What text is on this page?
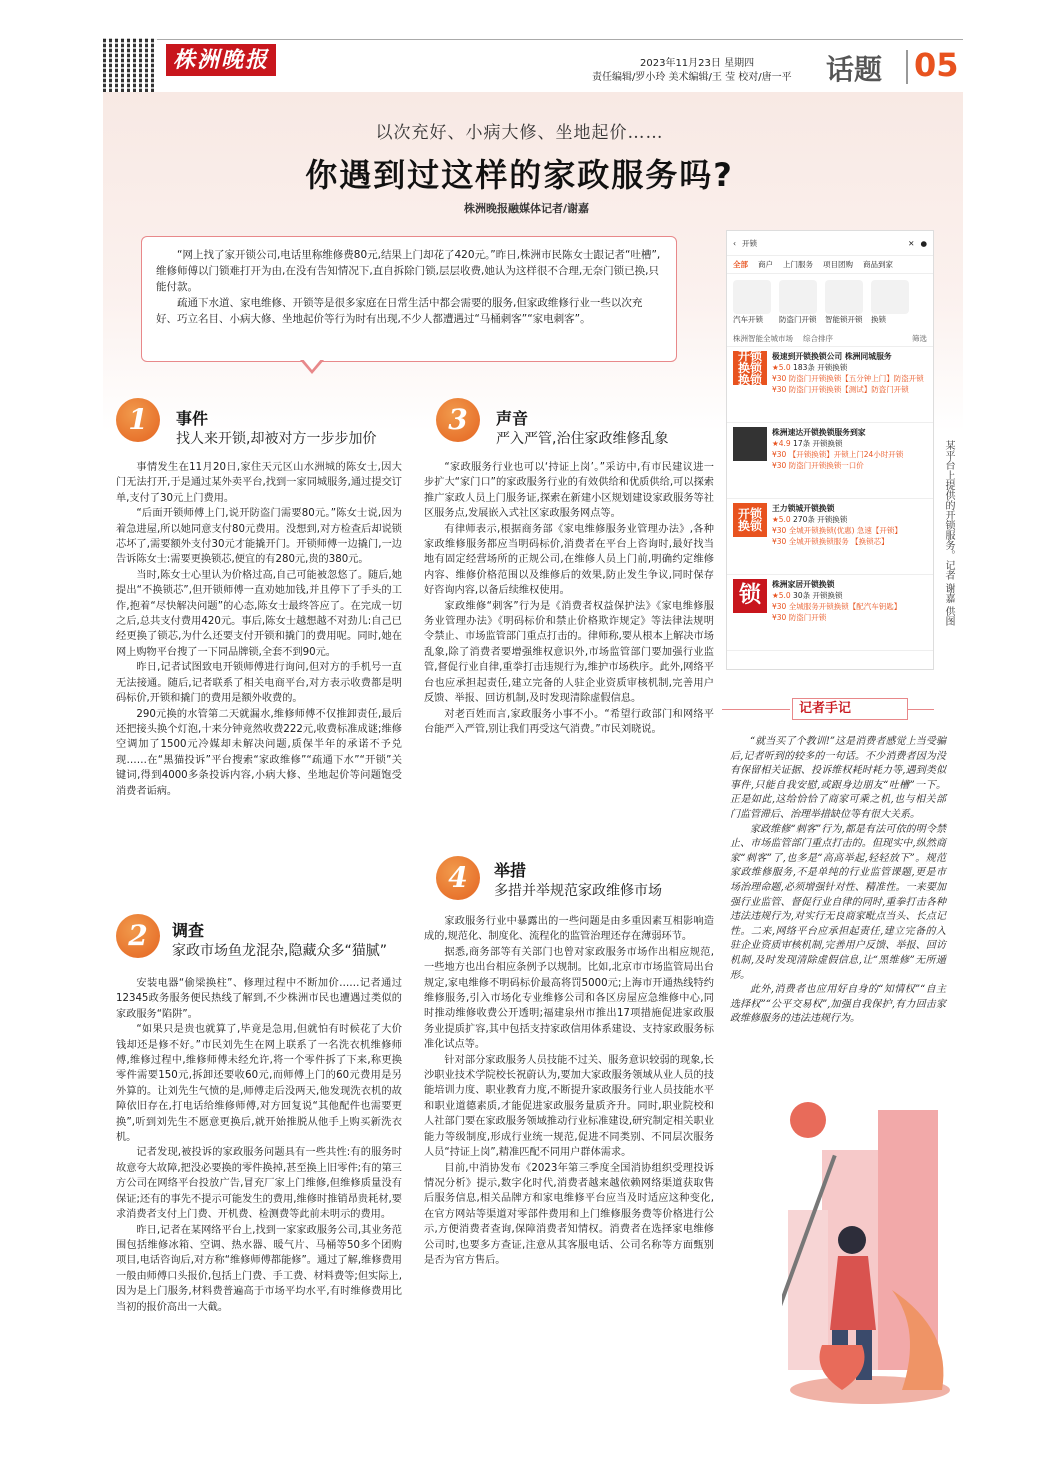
株洲晚报	2023年11月23日 星期四
责任编辑/罗小玲 美术编辑/王 莹 校对/唐一平 话题 05
以次充好、小病大修、坐地起价……
你遇到过这样的家政服务吗?
株洲晚报融媒体记者/谢嘉

“网上找了家开锁公司,电话里称维修费80元,结果上门却花了420元。”昨日,株洲市民陈女士跟记者“吐槽”,维修师傅以门锁难打开为由,在没有告知情况下,直自拆除门锁,层层收费,她认为这样很不合理,无奈门锁已换,只能付款。

疏通下水道、家电维修、开锁等是很多家庭在日常生活中都会需要的服务,但家政维修行业一些以次充好、巧立名目、小病大修、坐地起价等行为时有出现,不少人都遭遇过“马桶刺客”“家电刺客”。

1	事件
找人来开锁,却被对方一步步加价

事情发生在11月20日,家住天元区山水洲城的陈女士,因大门无法打开,于是通过某外卖平台,找到一家同城服务,通过提交订单,支付了30元上门费用。

“后面开锁师傅上门,说开防盗门需要80元。”陈女士说,因为着急进屋,所以她同意支付80元费用。没想到,对方检查后却说锁芯坏了,需要额外支付30元才能撬开门。开锁师傅一边撬门,一边告诉陈女士:需要更换锁芯,便宜的有280元,贵的380元。

当时,陈女士心里认为价格过高,自己可能被忽悠了。随后,她提出“不换锁芯”,但开锁师傅一直劝她加钱,并且停下了手头的工作,抱着“尽快解决问题”的心态,陈女士最终答应了。在完成一切之后,总共支付费用420元。事后,陈女士越想越不对劲儿:自己已经更换了锁芯,为什么还要支付开锁和撬门的费用呢。同时,她在网上购物平台搜了一下同品牌锁,全套不到90元。

昨日,记者试图致电开锁师傅进行询问,但对方的手机号一直无法接通。随后,记者联系了相关电商平台,对方表示收费都是明码标价,开锁和撬门的费用是额外收费的。

290元换的水管第二天就漏水,维修师傅不仅推卸责任,最后还把接头换个灯泡,十来分钟竟然收费222元,收费标准成谜;维修空调加了1500元冷媒却未解决问题,质保半年的承诺不予兑现……在“黑猫投诉”平台搜索“家政维修”“疏通下水”“开锁”关键词,得到4000多条投诉内容,小病大修、坐地起价等问题饱受消费者诟病。

2	调查
家政市场鱼龙混杂,隐藏众多“猫腻”

安装电器“偷梁换柱”、修理过程中不断加价……记者通过12345政务服务便民热线了解到,不少株洲市民也遭遇过类似的家政服务“陷阱”。

“如果只是贵也就算了,毕竟是急用,但就怕有时候花了大价钱却还是修不好。”市民刘先生在网上联系了一名洗衣机维修师傅,维修过程中,维修师傅未经允许,将一个零件拆了下来,称更换零件需要150元,拆卸还要收60元,而师傅上门的60元费用是另外算的。让刘先生气愤的是,师傅走后没两天,他发现洗衣机的故障依旧存在,打电话给维修师傅,对方回复说“其他配件也需要更换”,听到刘先生不愿意更换后,就开始推脱从他手上购买新洗衣机。

记者发现,被投诉的家政服务问题具有一些共性:有的服务时故意夸大故障,把没必要换的零件换掉,甚至换上旧零件;有的第三方公司在网络平台投放广告,冒充厂家上门维修,但维修质量没有保证;还有的事先不提示可能发生的费用,维修时推销昂贵耗材,要求消费者支付上门费、开机费、检测费等此前未明示的费用。

昨日,记者在某网络平台上,找到一家家政服务公司,其业务范围包括维修冰箱、空调、热水器、暖气片、马桶等50多个团购项目,电话咨询后,对方称“维修师傅都能修”。通过了解,维修费用一般由师傅口头报价,包括上门费、手工费、材料费等;但实际上,因为是上门服务,材料费普遍高于市场平均水平,有时维修费用比当初的报价高出一大截。

3	声音
严入严管,治住家政维修乱象

“家政服务行业也可以‘持证上岗’。”采访中,有市民建议进一步扩大“家门口”的家政服务行业的有效供给和优质供给,可以探索推广家政人员上门服务证,探索在新建小区规划建设家政服务等社区服务点,发展嵌入式社区家政服务网点等。

有律师表示,根据商务部《家电维修服务业管理办法》,各种家政维修服务都应当明码标价,消费者在平台上咨询时,最好找当地有固定经营场所的正规公司,在维修人员上门前,明确约定维修内容、维修价格范围以及维修后的效果,防止发生争议,同时保存好咨询内容,以备后续维权使用。

家政维修“刺客”行为是《消费者权益保护法》《家电维修服务业管理办法》《明码标价和禁止价格欺诈规定》等法律法规明令禁止、市场监管部门重点打击的。律师称,要从根本上解决市场乱象,除了消费者要增强维权意识外,市场监管部门要加强行业监管,督促行业自律,重拳打击违规行为,维护市场秩序。此外,网络平台也应承担起责任,建立完备的人驻企业资质审核机制,完善用户反馈、举报、回访机制,及时发现清除虚假信息。

对老百姓而言,家政服务小事不小。“希望行政部门和网络平台能严入严管,别让我们再受这气消费。”市民刘晓说。

4	举措
多措并举规范家政维修市场

家政服务行业中暴露出的一些问题是由多重因素互相影响造成的,规范化、制度化、流程化的监管治理还存在薄弱环节。

据悉,商务部等有关部门也曾对家政服务市场作出相应规范,一些地方也出台相应条例予以规制。比如,北京市市场监管局出台规定,家电维修不明码标价最高将罚5000元;上海市开通热线特约维修服务,引入市场化专业维修公司和各区房屋应急维修中心,同时推动维修收费公开透明;福建泉州市推出17项措施促进家政服务业提质扩容,其中包括支持家政信用体系建设、支持家政服务标准化试点等。

针对部分家政服务人员技能不过关、服务意识较弱的现象,长沙职业技术学院校长祝蔚认为,要加大家政服务领域从业人员的技能培训力度、职业教育力度,不断提升家政服务行业人员技能水平和职业道德素质,才能促进家政服务量质齐升。同时,职业院校和人社部门要在家政服务领域推动行业标准建设,研究制定相关职业能力等级制度,形成行业统一规范,促进不同类别、不同层次服务人员“持证上岗”,精准匹配不同用户群体需求。

目前,中消协发布《2023年第三季度全国消协组织受理投诉情况分析》提示,数字化时代,消费者越来越依赖网络渠道获取售后服务信息,相关品牌方和家电维修平台应当及时适应这种变化,在官方网站等渠道对零部件费用和上门维修服务费等价格进行公示,方便消费者查询,保障消费者知情权。消费者在选择家电维修公司时,也要多方查证,注意从其客服电话、公司名称等方面甄别是否为官方售后。

‹ 开锁	✕ ●
全部 商户 上门服务 项目团购 商品到家
汽车开锁	防盗门开锁 智能锁开锁 换锁
株洲智能全城市场 综合排序	筛选
开锁 换锁换锁
极速到开锁换锁公司 株洲同城服务
★5.0 183条 开锁换锁
¥30 防盗门开锁换锁【五分钟上门】防盗开锁
¥30 防盗门开锁换锁【测试】防盗门开锁
株洲速达开锁换锁服务到家
★4.9 17条 开锁换锁
¥30 【开锁换锁】开锁上门24小时开锁
¥30 防盗门开锁换锁一口价
开锁 换锁
王力锁城开锁换锁
★5.0 270条 开锁换锁
¥30 全城开锁换锁(优惠) 急速【开锁】
¥30 全城开锁换锁服务 【换锁芯】
锁	株洲家居开锁换锁
★5.0 30条 开锁换锁
¥30 全城服务开锁换锁【配汽车钥匙】
¥30 防盗门开锁	某平台上提供的开锁服务。记者 谢嘉 供图
记者手记

“就当买了个教训!”这是消费者感觉上当受骗后,记者听到的较多的一句话。不少消费者因为没有保留相关证据、投诉维权耗时耗力等,遇到类似事件,只能自我安慰,或跟身边朋友“吐槽”一下。正是如此,这给恰恰了商家可乘之机,也与相关部门监管滞后、治理举措缺位等有很大关系。

家政维修“刺客”行为,都是有法可依的明令禁止、市场监管部门重点打击的。但现实中,纵然商家“刺客”了,也多是“高高举起,轻轻放下”。规范家政维修服务,不是单纯的行业监管课题,更是市场治理命题,必须增强针对性、精准性。一来要加强行业监管、督促行业自律的同时,重拳打击各种违法违规行为,对实行无良商家毗点当头、长点记性。二来,网络平台应承担起责任,建立完备的入驻企业资质审核机制,完善用户反馈、举报、回访机制,及时发现清除虚假信息,让“黑维修”无所遁形。

此外,消费者也应用好自身的“知情权”“自主选择权”“公平交易权”,加强自我保护,有力回击家政维修服务的违法违规行为。
